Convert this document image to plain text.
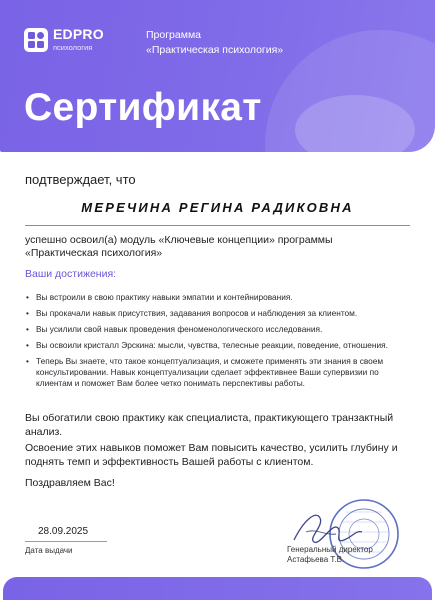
EDPRO
психология
Программа
«Практическая психология»
Сертификат
подтверждает, что
МЕРЕЧИНА РЕГИНА РАДИКОВНА
успешно освоил(а) модуль «Ключевые концепции» программы
«Практическая психология»
Ваши достижения:
• Вы встроили в свою практику навыки эмпатии и контейнирования.
• Вы прокачали навык присутствия, задавания вопросов и наблюдения за клиентом.
• Вы усилили свой навык проведения феноменологического исследования.
• Вы освоили кристалл Эрскина: мысли, чувства, телесные реакции, поведение, отношения.
• Теперь Вы знаете, что такое концептуализация, и сможете применять эти знания в своем консультировании. Навык концептуализации сделает эффективнее Ваши супервизии по клиентам и поможет Вам более четко понимать перспективы работы.
Вы обогатили свою практику как специалиста, практикующего транзактный анализ.
Освоение этих навыков поможет Вам повысить качество, усилить глубину и поднять темп и эффективность Вашей работы с клиентом.
Поздравляем Вас!
28.09.2025
Дата выдачи	Генеральный директор
Астафьева Т.В.
